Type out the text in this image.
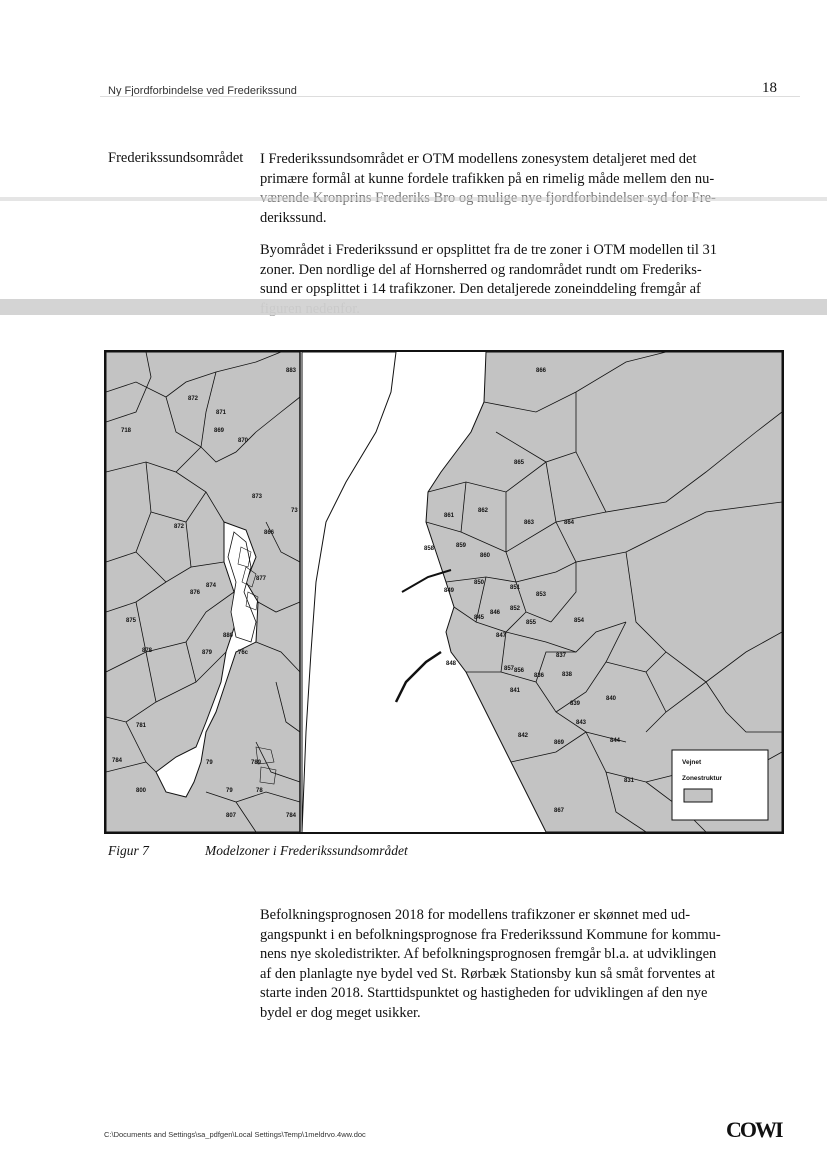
Ny Fjordforbindelse ved Frederikssund	18
Frederikssundsområdet I Frederikssundsområdet er OTM modellens zonesystem detaljeret med det

primære formål at kunne fordele trafikken på en rimelig måde mellem den nu-

derikssund.

Byområdet i Frederikssund er opsplittet fra de tre zoner i OTM modellen til 31

zoner. Den nordlige del af Hornsherred og randområdet rundt om Frederiks-

sund er opsplittet i 14 trafikzoner. Den detaljerede zoneinddeling fremgår af

883
872
871
718	869
870
873
73
872
866
874
876
875
877
880
878	879	76c
781
784	79	789
800	79	78
807	784
866
865
861
862
863	864
859
858
860
850
851
853
849
845
852
846
855	854
847
856
837
848
857
836	838
841
840
839
842
843
869	844
831
867
Vejnet
Zonestruktur
Figur 7	Modelzoner i Frederikssundsområdet

Befolkningsprognosen 2018 for modellens trafikzoner er skønnet med ud-

gangspunkt i en befolkningsprognose fra Frederikssund Kommune for kommu-

nens nye skoledistrikter. Af befolkningsprognosen fremgår bl.a. at udviklingen

af den planlagte nye bydel ved St. Rørbæk Stationsby kun så småt forventes at

starte inden 2018. Starttidspunktet og hastigheden for udviklingen af den nye

bydel er dog meget usikker.

C:\Documents and Settings\sa_pdfgen\Local Settings\Temp\1meldrvo.4ww.doc	COWI
